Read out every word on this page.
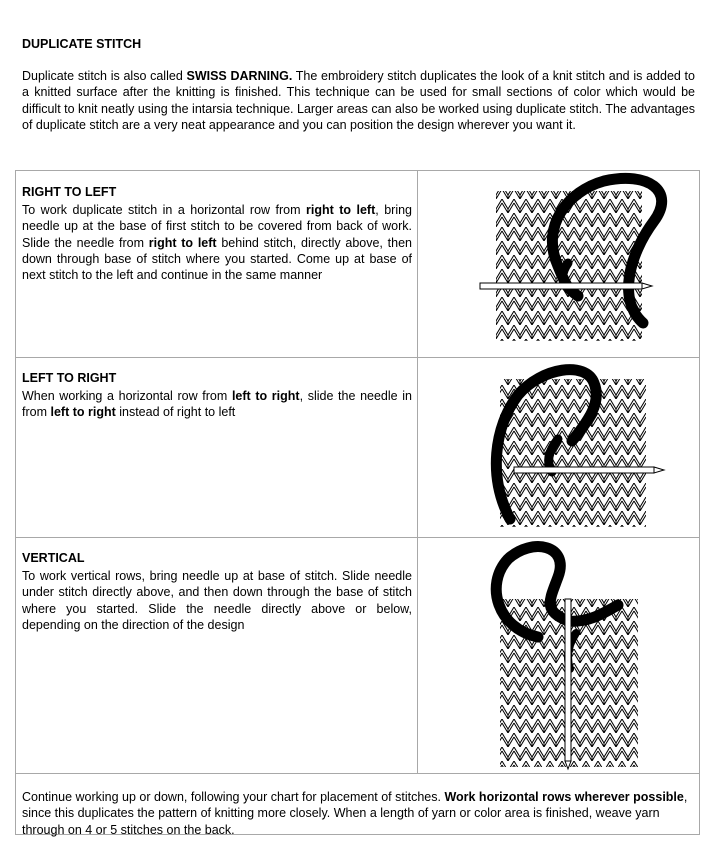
DUPLICATE STITCH

Duplicate stitch is also called SWISS DARNING. The embroidery stitch duplicates the look of a knit stitch and is added to a knitted surface after the knitting is finished. This technique can be used for small sections of color which would be difficult to knit neatly using the intarsia technique. Larger areas can also be worked using duplicate stitch. The advantages of duplicate stitch are a very neat appearance and you can position the design wherever you want it.

RIGHT TO LEFT

To work duplicate stitch in a horizontal row from right to left, bring needle up at the base of first stitch to be covered from back of work. Slide the needle from right to left behind stitch, directly above, then down through base of stitch where you started. Come up at base of next stitch to the left and continue in the same manner

LEFT TO RIGHT

When working a horizontal row from left to right, slide the needle in from left to right instead of right to left

VERTICAL

To work vertical rows, bring needle up at base of stitch. Slide needle under stitch directly above, and then down through the base of stitch where you started. Slide the needle directly above or below, depending on the direction of the design

Continue working up or down, following your chart for placement of stitches. Work horizontal rows wherever possible, since this duplicates the pattern of knitting more closely. When a length of yarn or color area is finished, weave yarn through on 4 or 5 stitches on the back.
